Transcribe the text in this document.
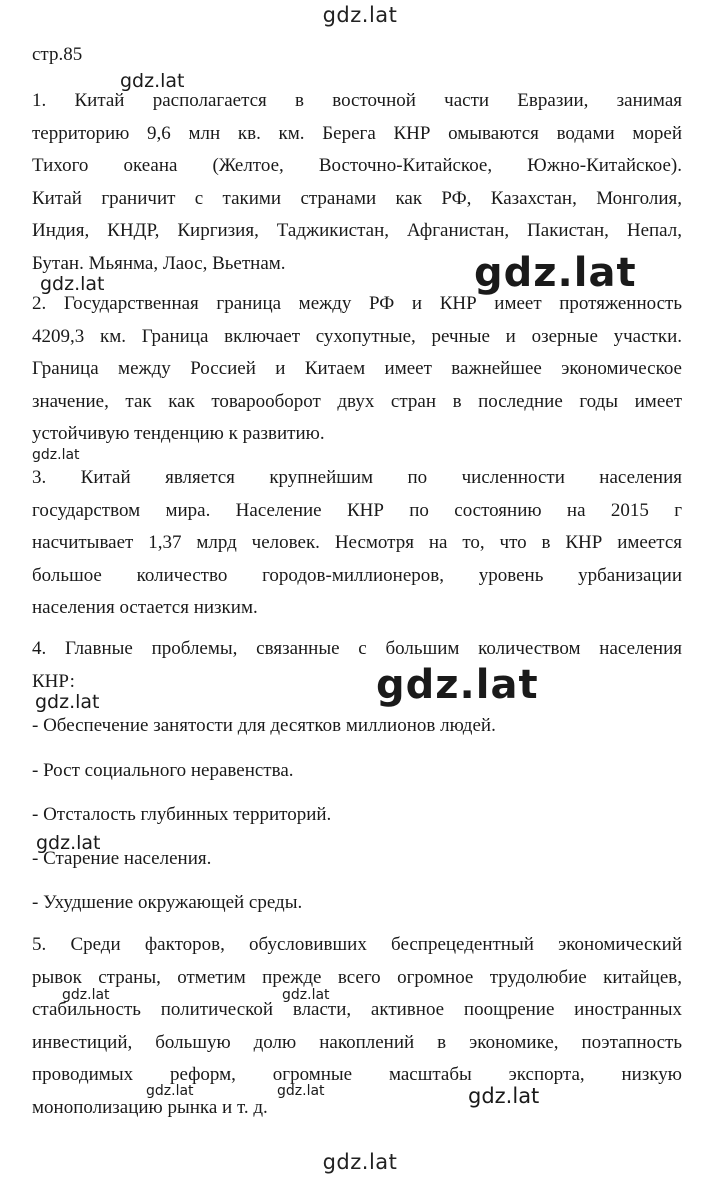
gdz.lat
стр.85
1. Китай располагается в восточной части Евразии, занимая
территорию 9,6 млн кв. км. Берега КНР омываются водами морей
Тихого океана (Желтое, Восточно-Китайское, Южно-Китайское).
Китай граничит с такими странами как РФ, Казахстан, Монголия,
Индия, КНДР, Киргизия, Таджикистан, Афганистан, Пакистан, Непал,
Бутан. Мьянма, Лаос, Вьетнам.
2. Государственная граница между РФ и КНР имеет протяженность
4209,3 км. Граница включает сухопутные, речные и озерные участки.
Граница между Россией и Китаем имеет важнейшее экономическое
значение, так как товарооборот двух стран в последние годы имеет
устойчивую тенденцию к развитию.
3. Китай является крупнейшим по численности населения
государством мира. Население КНР по состоянию на 2015 г
насчитывает 1,37 млрд человек. Несмотря на то, что в КНР имеется
большое количество городов-миллионеров, уровень урбанизации
населения остается низким.
4. Главные проблемы, связанные с большим количеством населения
КНР:
- Обеспечение занятости для десятков миллионов людей.
- Рост социального неравенства.
- Отсталость глубинных территорий.
- Старение населения.
- Ухудшение окружающей среды.
5. Среди факторов, обусловивших беспрецедентный экономический
рывок страны, отметим прежде всего огромное трудолюбие китайцев,
стабильность политической власти, активное поощрение иностранных
инвестиций, большую долю накоплений в экономике, поэтапность
проводимых реформ, огромные масштабы экспорта, низкую
монополизацию рынка и т. д.
gdz.lat
gdz.lat	gdz.lat
gdz.lat
gdz.lat
gdz.lat
gdz.lat
gdz.lat	gdz.lat
gdz.lat	gdz.lat	gdz.lat
gdz.lat
